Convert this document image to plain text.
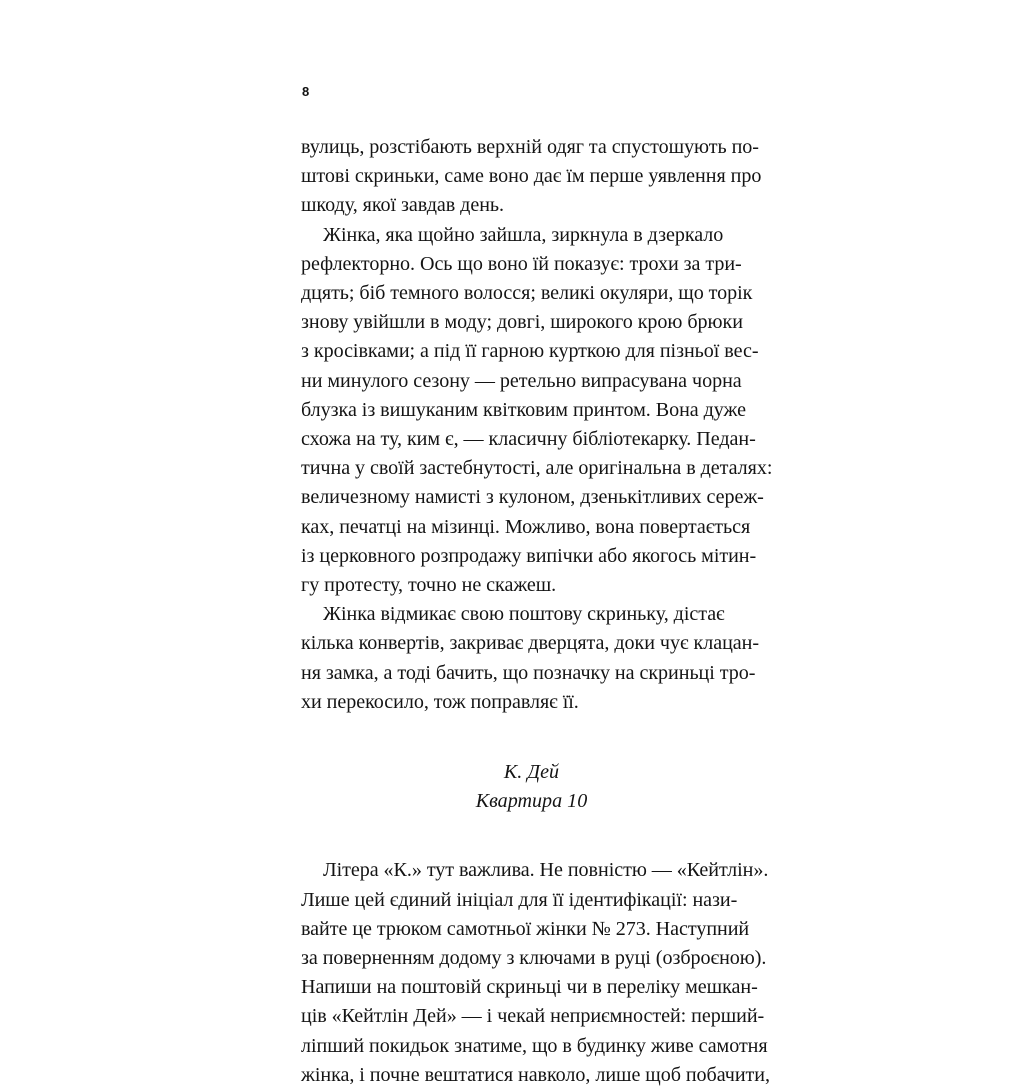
8

вулиць, розстібають верхній одяг та спустошують по-
штові скриньки, саме воно дає їм перше уявлення про
шкоду, якої завдав день.

Жінка, яка щойно зайшла, зиркнула в дзеркало
рефлекторно. Ось що воно їй показує: трохи за три-
дцять; біб темного волосся; великі окуляри, що торік
знову увійшли в моду; довгі, широкого крою брюки
з кросівками; а під її гарною курткою для пізньої вес-
ни минулого сезону — ретельно випрасувана чорна
блузка із вишуканим квітковим принтом. Вона дуже
схожа на ту, ким є, — класичну бібліотекарку. Педан-
тична у своїй застебнутості, але оригінальна в деталях:
величезному намисті з кулоном, дзенькітливих сереж-
ках, печатці на мізинці. Можливо, вона повертається
із церковного розпродажу випічки або якогось мітин-
гу протесту, точно не скажеш.

Жінка відмикає свою поштову скриньку, дістає
кілька конвертів, закриває дверцята, доки чує клацан-
ня замка, а тоді бачить, що позначку на скриньці тро-
хи перекосило, тож поправляє її.

К. Дей
Квартира 10

Літера «К.» тут важлива. Не повністю — «Кейтлін».
Лише цей єдиний ініціал для її ідентифікації: нази-
вайте це трюком самотньої жінки № 273. Наступний
за поверненням додому з ключами в руці (озброєною).
Напиши на поштовій скриньці чи в переліку мешкан-
ців «Кейтлін Дей» — і чекай неприємностей: перший-
ліпший покидьок знатиме, що в будинку живе самотня
жінка, і почне вештатися навколо, лише щоб побачити,
